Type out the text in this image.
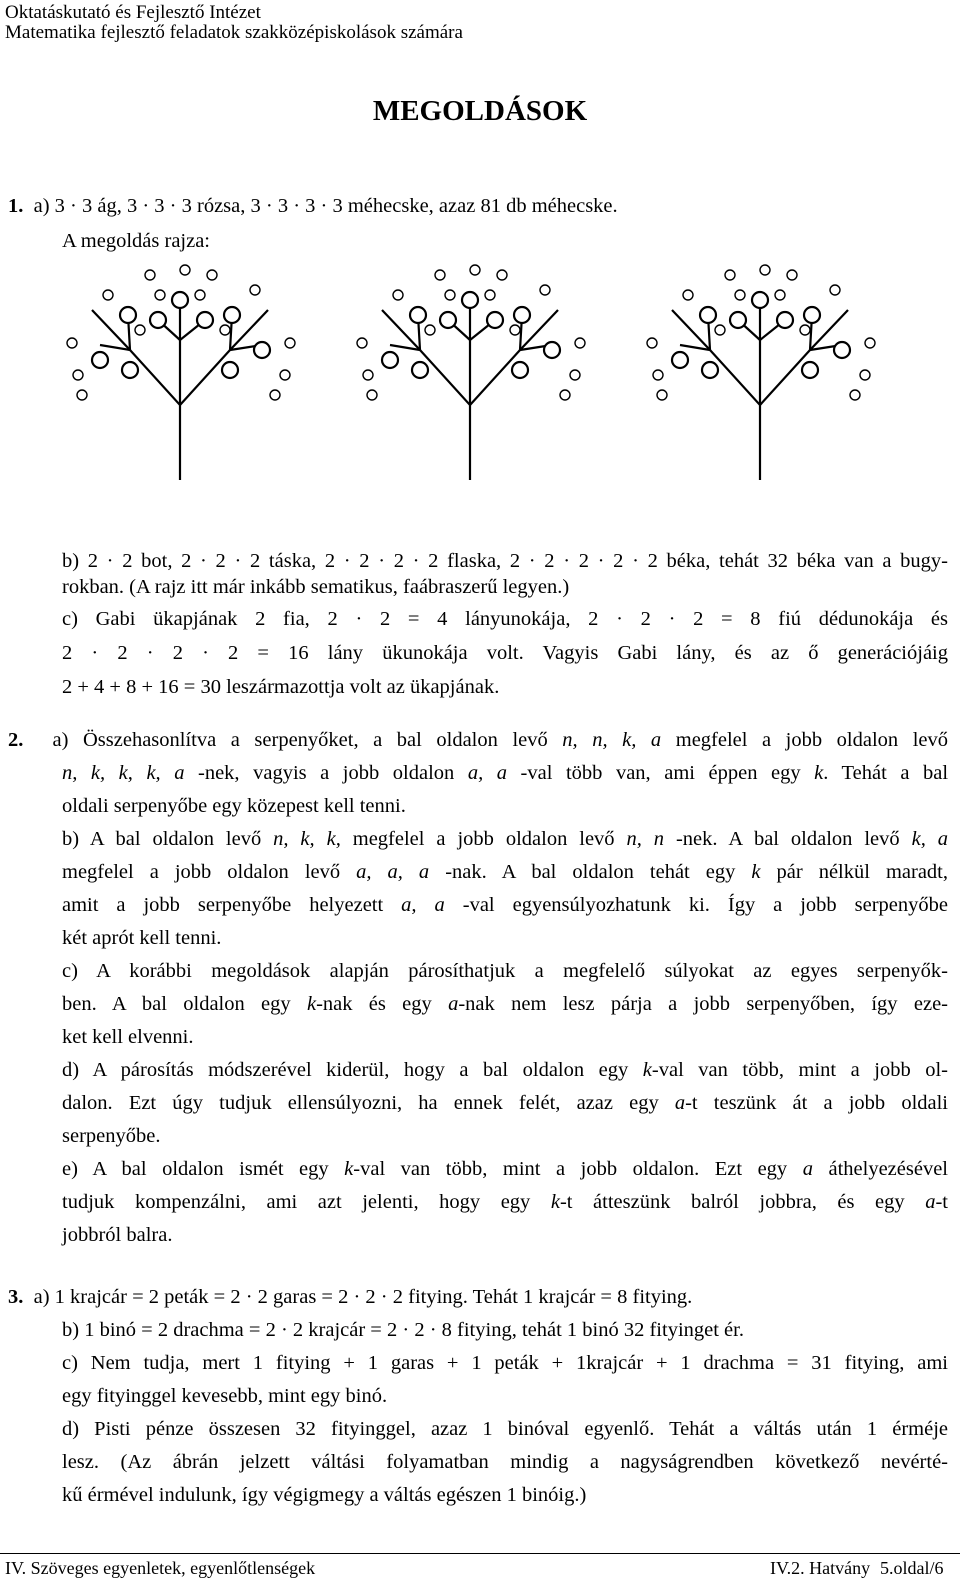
Oktatáskutató és Fejlesztő Intézet
Matematika fejlesztő feladatok szakközépiskolások számára
MEGOLDÁSOK
1. a) 3 · 3 ág, 3 · 3 · 3 rózsa, 3 · 3 · 3 · 3 méhecske, azaz 81 db méhecske.
A megoldás rajza:
b) 2 · 2 bot, 2 · 2 · 2 táska, 2 · 2 · 2 · 2 flaska, 2 · 2 · 2 · 2 · 2 béka, tehát 32 béka van a bugy-
rokban. (A rajz itt már inkább sematikus, faábraszerű legyen.)
c) Gabi ükapjának 2 fia, 2 · 2 = 4 lányunokája, 2 · 2 · 2 = 8 fiú dédunokája és
2 · 2 · 2 · 2 = 16 lány ükunokája volt. Vagyis Gabi lány, és az ő generációjáig
2 + 4 + 8 + 16 = 30 leszármazottja volt az ükapjának.
2. a) Összehasonlítva a serpenyőket, a bal oldalon levő n, n, k, a megfelel a jobb oldalon levő
n, k, k, k, a -nek, vagyis a jobb oldalon a, a -val több van, ami éppen egy k. Tehát a bal
oldali serpenyőbe egy közepest kell tenni.
b) A bal oldalon levő n, k, k, megfelel a jobb oldalon levő n, n -nek. A bal oldalon levő k, a
megfelel a jobb oldalon levő a, a, a -nak. A bal oldalon tehát egy k pár nélkül maradt,
amit a jobb serpenyőbe helyezett a, a -val egyensúlyozhatunk ki. Így a jobb serpenyőbe
két aprót kell tenni.
c) A korábbi megoldások alapján párosíthatjuk a megfelelő súlyokat az egyes serpenyők-
ben. A bal oldalon egy k-nak és egy a-nak nem lesz párja a jobb serpenyőben, így eze-
ket kell elvenni.
d) A párosítás módszerével kiderül, hogy a bal oldalon egy k-val van több, mint a jobb ol-
dalon. Ezt úgy tudjuk ellensúlyozni, ha ennek felét, azaz egy a-t teszünk át a jobb oldali
serpenyőbe.
e) A bal oldalon ismét egy k-val van több, mint a jobb oldalon. Ezt egy a áthelyezésével
tudjuk kompenzálni, ami azt jelenti, hogy egy k-t átteszünk balról jobbra, és egy a-t
jobbról balra.
3. a) 1 krajcár = 2 peták = 2 · 2 garas = 2 · 2 · 2 fitying. Tehát 1 krajcár = 8 fitying.
b) 1 binó = 2 drachma = 2 · 2 krajcár = 2 · 2 · 8 fitying, tehát 1 binó 32 fityinget ér.
c) Nem tudja, mert 1 fitying + 1 garas + 1 peták + 1krajcár + 1 drachma = 31 fitying, ami
egy fityinggel kevesebb, mint egy binó.
d) Pisti pénze összesen 32 fityinggel, azaz 1 binóval egyenlő. Tehát a váltás után 1 érméje
lesz. (Az ábrán jelzett váltási folyamatban mindig a nagyságrendben következő nevérté-
kű érmével indulunk, így végigmegy a váltás egészen 1 binóig.)
IV. Szöveges egyenletek, egyenlőtlenségek	IV.2. Hatvány 5.oldal/6
